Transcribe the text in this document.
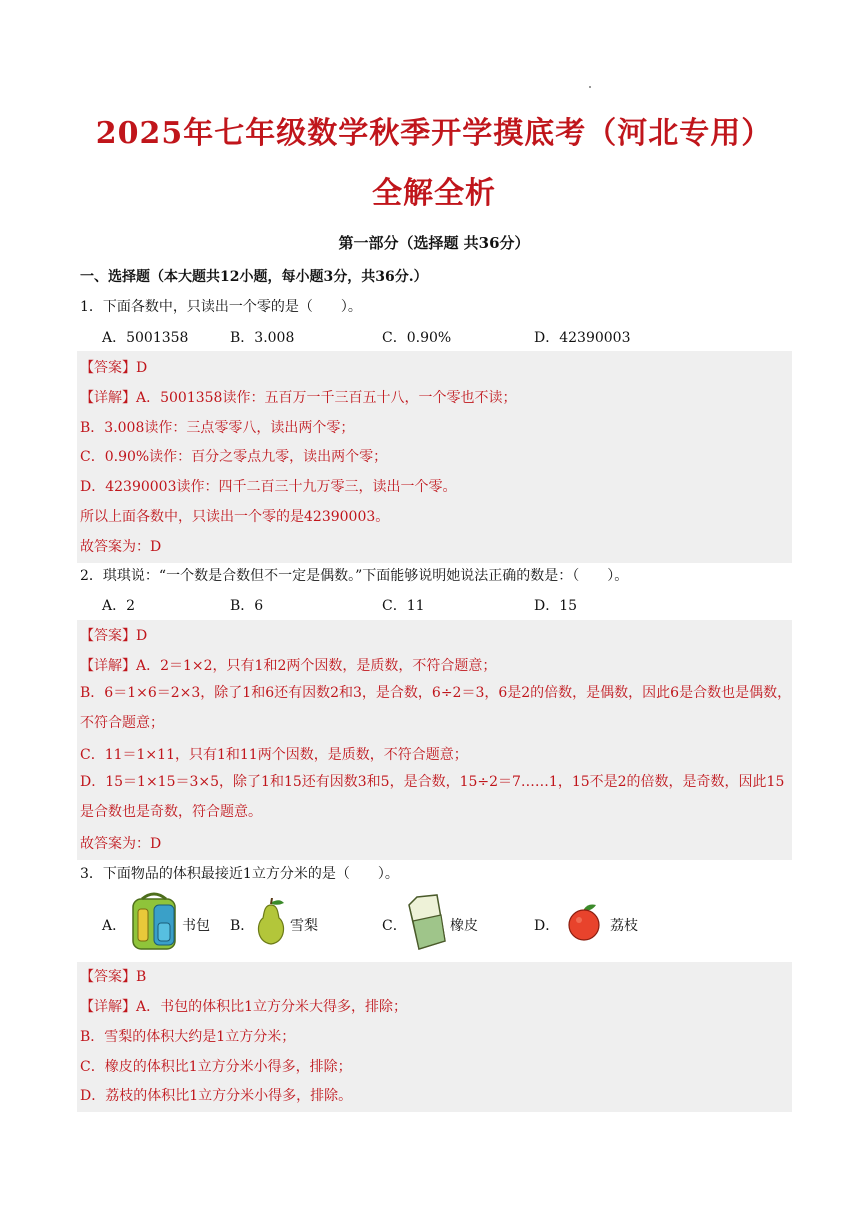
2025年七年级数学秋季开学摸底考（河北专用）
全解全析
第一部分（选择题 共36分）
一、选择题（本大题共12小题，每小题3分，共36分.）
1．下面各数中，只读出一个零的是（　　）。
A．5001358	B．3.008	C．0.90%	D．42390003
【答案】D
【详解】A．5001358读作：五百万一千三百五十八，一个零也不读；
B．3.008读作：三点零零八，读出两个零；
C．0.90%读作：百分之零点九零，读出两个零；
D．42390003读作：四千二百三十九万零三，读出一个零。
所以上面各数中，只读出一个零的是42390003。
故答案为：D
2．琪琪说：“一个数是合数但不一定是偶数。”下面能够说明她说法正确的数是：（　　）。
A．2	B．6	C．11	D．15
【答案】D
【详解】A．2＝1×2，只有1和2两个因数，是质数，不符合题意；
B．6＝1×6＝2×3，除了1和6还有因数2和3，是合数，6÷2＝3，6是2的倍数，是偶数，因此6是合数也是偶数，不符合题意；
C．11＝1×11，只有1和11两个因数，是质数，不符合题意；
D．15＝1×15＝3×5，除了1和15还有因数3和5，是合数，15÷2＝7……1，15不是2的倍数，是奇数，因此15是合数也是奇数，符合题意。
故答案为：D
3．下面物品的体积最接近1立方分米的是（　　）。
A．	书包 B．	雪梨	C．	橡皮	D．	荔枝
【答案】B
【详解】A．书包的体积比1立方分米大得多，排除；
B．雪梨的体积大约是1立方分米；
C．橡皮的体积比1立方分米小得多，排除；
D．荔枝的体积比1立方分米小得多，排除。
